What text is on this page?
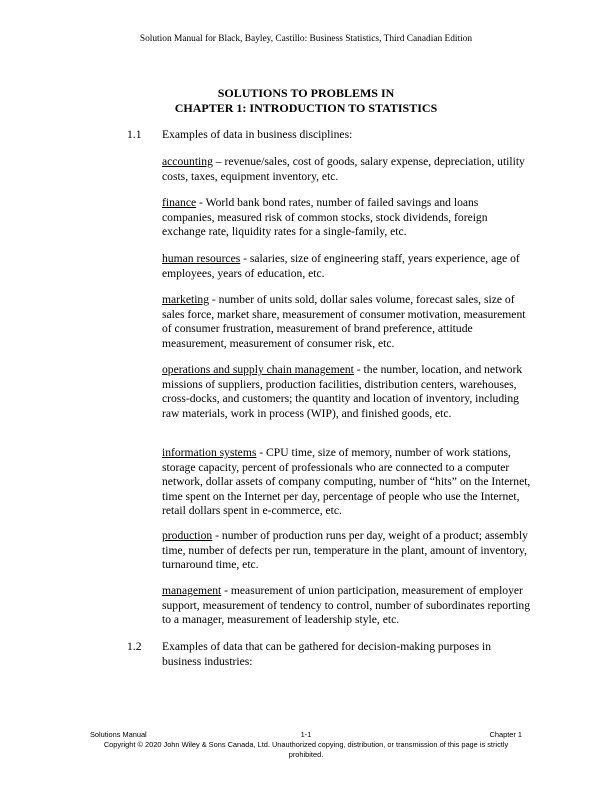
Solution Manual for Black, Bayley, Castillo: Business Statistics, Third Canadian Edition
SOLUTIONS TO PROBLEMS IN
CHAPTER 1: INTRODUCTION TO STATISTICS
1.1 Examples of data in business disciplines:
accounting – revenue/sales, cost of goods, salary expense, depreciation, utility costs, taxes, equipment inventory, etc.
finance - World bank bond rates, number of failed savings and loans companies, measured risk of common stocks, stock dividends, foreign exchange rate, liquidity rates for a single-family, etc.
human resources - salaries, size of engineering staff, years experience, age of employees, years of education, etc.
marketing - number of units sold, dollar sales volume, forecast sales, size of sales force, market share, measurement of consumer motivation, measurement of consumer frustration, measurement of brand preference, attitude measurement, measurement of consumer risk, etc.
operations and supply chain management - the number, location, and network missions of suppliers, production facilities, distribution centers, warehouses, cross-docks, and customers; the quantity and location of inventory, including raw materials, work in process (WIP), and finished goods, etc.
information systems - CPU time, size of memory, number of work stations, storage capacity, percent of professionals who are connected to a computer network, dollar assets of company computing, number of “hits” on the Internet, time spent on the Internet per day, percentage of people who use the Internet, retail dollars spent in e-commerce, etc.
production - number of production runs per day, weight of a product; assembly time, number of defects per run, temperature in the plant, amount of inventory, turnaround time, etc.
management - measurement of union participation, measurement of employer support, measurement of tendency to control, number of subordinates reporting to a manager, measurement of leadership style, etc.
1.2 Examples of data that can be gathered for decision-making purposes in business industries:
Solutions Manual	1-1	Chapter 1
Copyright © 2020 John Wiley & Sons Canada, Ltd. Unauthorized copying, distribution, or transmission of this page is strictly prohibited.
